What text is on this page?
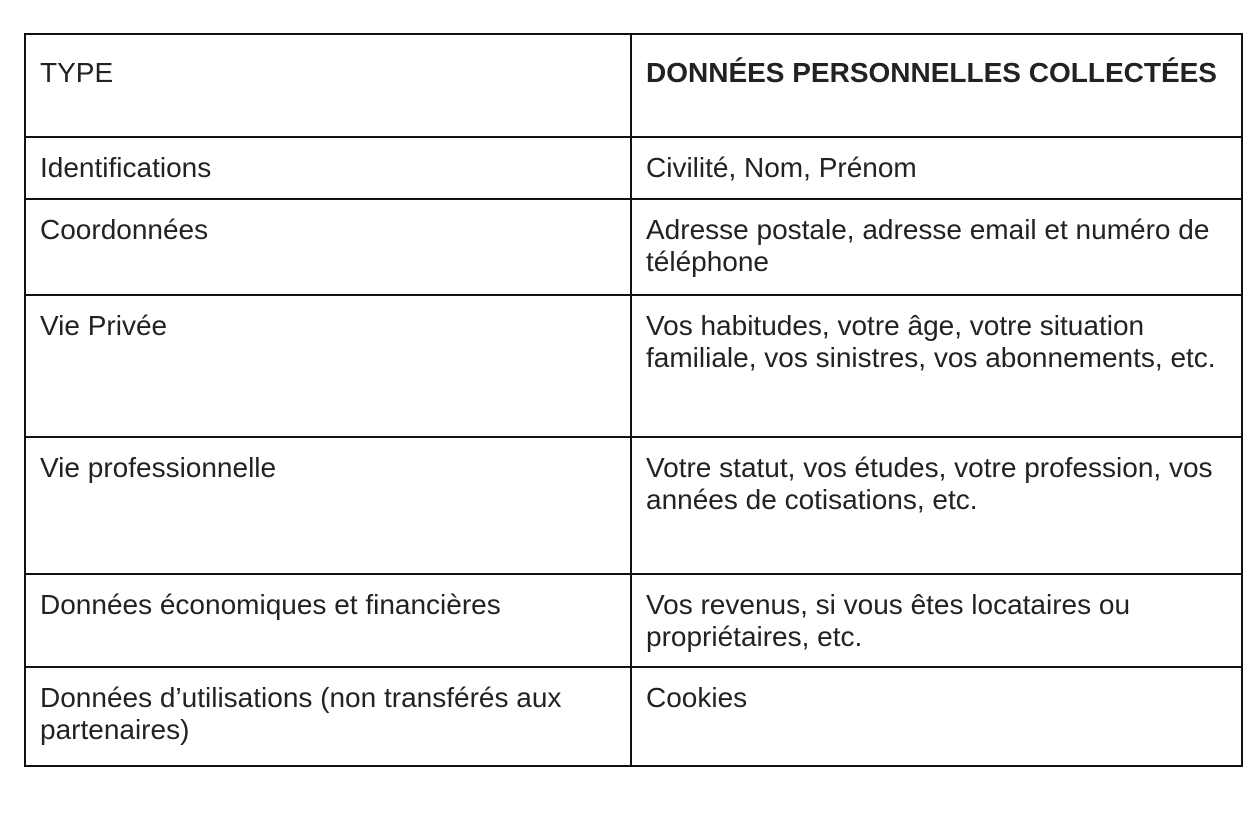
TYPE	DONNÉES PERSONNELLES COLLECTÉES
Identifications	Civilité, Nom, Prénom
Coordonnées	Adresse postale, adresse email et numéro de téléphone
Vie Privée	Vos habitudes, votre âge, votre situation familiale, vos sinistres, vos abonnements, etc.
Vie professionnelle	Votre statut, vos études, votre profession, vos années de cotisations, etc.
Données économiques et financières	Vos revenus, si vous êtes locataires ou propriétaires, etc.
Données d’utilisations (non transférés aux partenaires)	Cookies
